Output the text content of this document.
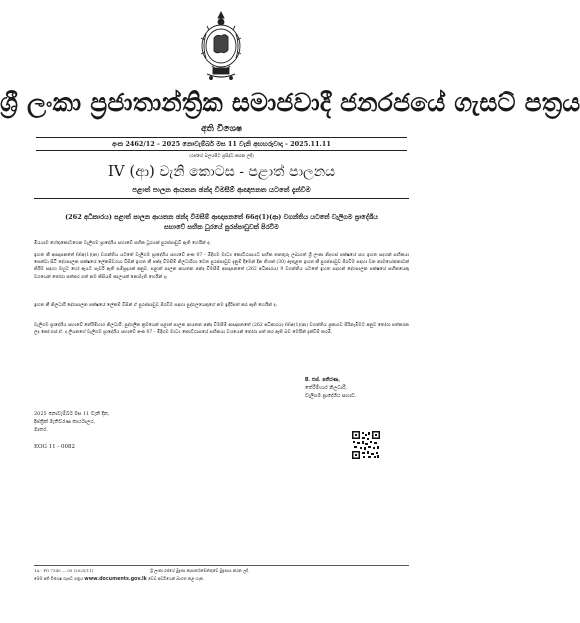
ශ්‍රී ලංකා ප්‍රජාතාන්ත්‍රික සමාජවාදී ජනරජයේ ගැසට් පත්‍රය
අති විශෙෂ
අංක 2462/12 - 2025 නොවැම්බර් මස 11 වැනි අඟහරුවාදා - 2025.11.11
(රජයේ බලයපිට ප්‍රසිද්ධ කරන ලදී)
IV (ආ) වැනි කොටස - පළාත් පාලනය
පළාත් පාලන ආයතන ඡන්ද විමසීම් ආඥාපනත යටතේ දැන්වීම
(262 අධිකාරය) පළාත් පාලන ආයතන ඡන්ද විමසීම් ආඥාපනතේ 66අ(1)(ආ) වගන්තිය යටතේ වැලිගම ප්‍රාදේශීය සභාවේ සභික ධූරයේ පුරප්පාඩුවක් පිරවීම
මියයාම හේතුකොටගෙන වැලිගම ප්‍රාදේශීය සභාවේ සභික ධූරයක් පුරප්පාඩුවී ඇති හෙයින් ද;
ඉහත කී ආඥාපනතේ 66අ(1)(ආ) වගන්තිය යටතේ වැලිගම ප්‍රාදේශීය සභාවේ අංක 07 - මිදිගම මාධ්‍ය කොට්ඨාසයට සභික තනතුරු ලබාගත් ශ්‍රී ලංකා නිදහස් පක්ෂයේ සහ ඉහත සදහන් සභිකයා පෙන්වා සිටි දේශපාලන පක්ෂයේ ලේකම්වරයා විසින් ඉහත කී ඡන්ද විමසීම් නිලධාරියා වෙත පුරප්පාඩුව දැනුම් දීමෙන් දින තිහක් (30) ඇතුළත ඉහත කී පුරප්පාඩුව පිරවීම සඳහා වන නාමයෝජනාවක් කිරීම සඳහා ඔහුට හෝ ඇයට පැවරී ඇති සම්ප්‍රදායක් අනුව, පළාත් පාලන ආයතන ඡන්ද විමසීම් ආඥාපනතේ (262 අධිකාරය) 9 වගන්තිය යටතේ ඉහත සදහන් දේශපාලන පක්ෂයේ සභිකයෙකු වශයෙන් තෝරා පත්කර ගත් නම කිසියම් කාලයක් නොමැති හෙයින් ද;
ඉහත කී නිලධාරී දේශපාලන පක්ෂයේ ලේකම් විසින් ඒ පුරප්පාඩුව පිරවීම සඳහා පුද්ගලයෙකුගේ නම ඉදිරිපත් කර ඇති හෙයින් ද;
වැලිගම ප්‍රාදේශීය සභාවේ තේරීම්භාර නිලධාරී, පුද්ගලික ක්‍රමයෙන් පළාත් පාලන ආයතන ඡන්ද විමසීම් ආඥාපනතේ (262 අධිකාරය) 66අ(1)(ආ) වගන්තිය ප්‍රකාරව පිරිනැමීමට අනුව තෝරා පත්කරන ලද කෝ.එස්.ඒ. ද ලියනගේ වැලිගම ප්‍රාදේශීය සභාවේ අංක 07 - මිදිගම මාධ්‍ය කොට්ඨාසයේ සභිකයා වශයෙන් තෝරා පත් කර ඇති බව මෙයින් දැන්වීම් කරමි.
පී. එස්. පතිරණ,
තේරීම්භාර නිලධාරී,
වැලිගම ප්‍රාදේශීය සභාව.
2025 නොවැම්බර් මස 11 වැනි දින,
දිස්ත්‍රික් මැතිවරණ කාර්යාලය,
මාතර.
EOG 11 - 0082
1A - PG 7340 — 00 (2025/11)	ශ්‍රී ලංකා රජයේ මුද්‍රණ දෙපාර්තමේන්තුවේ මුද්‍රණය කරන ලදී.
මෙම අති විශෙෂ ගැසට් පත්‍රය www.documents.gov.lk වෙබ් අඩවියෙන් බාගත කළ හැක.
